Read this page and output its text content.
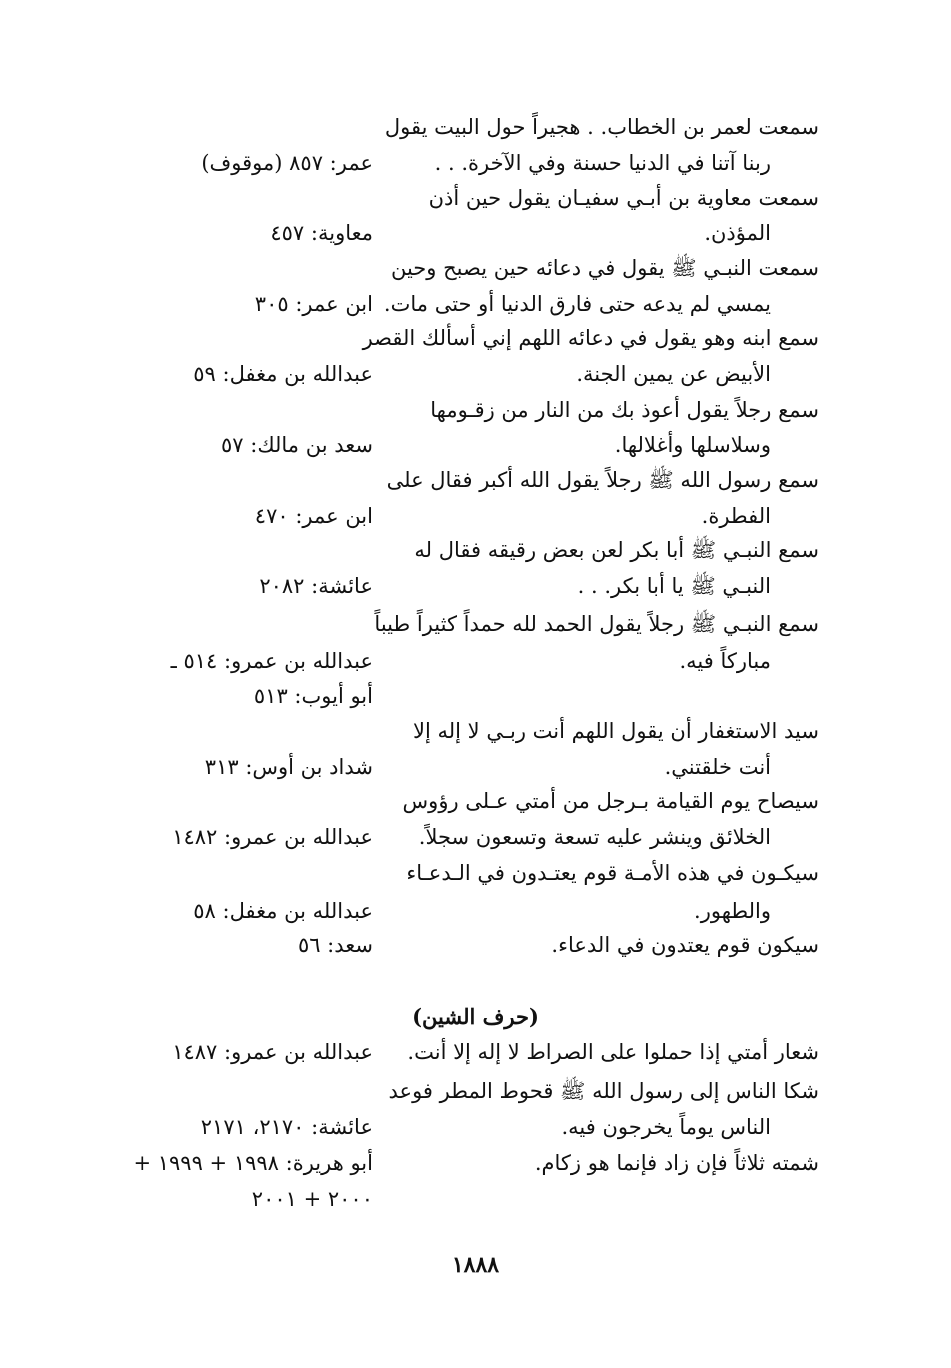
سمعت لعمر بن الخطاب. . هجيراً حول البيت يقول
ربنا آتنا في الدنيا حسنة وفي الآخرة. . .
عمر: ٨٥٧ (موقوف)
سمعت معاوية بن أبـي سفيـان يقول حين أذن
المؤذن.
معاوية: ٤٥٧
سمعت النبـي ﷺ يقول في دعائه حين يصبح وحين
يمسي لم يدعه حتى فارق الدنيا أو حتى مات.
ابن عمر: ٣٠٥
سمع ابنه وهو يقول في دعائه اللهم إني أسألك القصر
الأبيض عن يمين الجنة.
عبدالله بن مغفل: ٥٩
سمع رجلاً يقول أعوذ بك من النار من زقـومها
وسلاسلها وأغلالها.
سعد بن مالك: ٥٧
سمع رسول الله ﷺ رجلاً يقول الله أكبر فقال على
الفطرة.
ابن عمر: ٤٧٠
سمع النبـي ﷺ أبا بكر لعن بعض رقيقه فقال له
النبـي ﷺ يا أبا بكر. . .
عائشة: ٢٠٨٢
سمع النبـي ﷺ رجلاً يقول الحمد لله حمداً كثيراً طيباً
مباركاً فيه.
عبدالله بن عمرو: ٥١٤ ـ
أبو أيوب: ٥١٣
سيد الاستغفار أن يقول اللهم أنت ربـي لا إله إلا
أنت خلقتني.
شداد بن أوس: ٣١٣
سيصاح يوم القيامة بـرجل من أمتي عـلى رؤوس
الخلائق وينشر عليه تسعة وتسعون سجلاً.
عبدالله بن عمرو: ١٤٨٢
سيكـون في هذه الأمـة قوم يعتـدون في الـدعـاء
والطهور.
عبدالله بن مغفل: ٥٨
سيكون قوم يعتدون في الدعاء.
سعد: ٥٦
شعار أمتي إذا حملوا على الصراط لا إله إلا أنت.
عبدالله بن عمرو: ١٤٨٧
شكا الناس إلى رسول الله ﷺ قحوط المطر فوعد
الناس يوماً يخرجون فيه.
عائشة: ٢١٧٠، ٢١٧١
شمته ثلاثاً فإن زاد فإنما هو زكام.
أبو هريرة: ١٩٩٨ + ١٩٩٩ +
٢٠٠٠ + ٢٠٠١
(حرف الشين)
١٨٨٨
